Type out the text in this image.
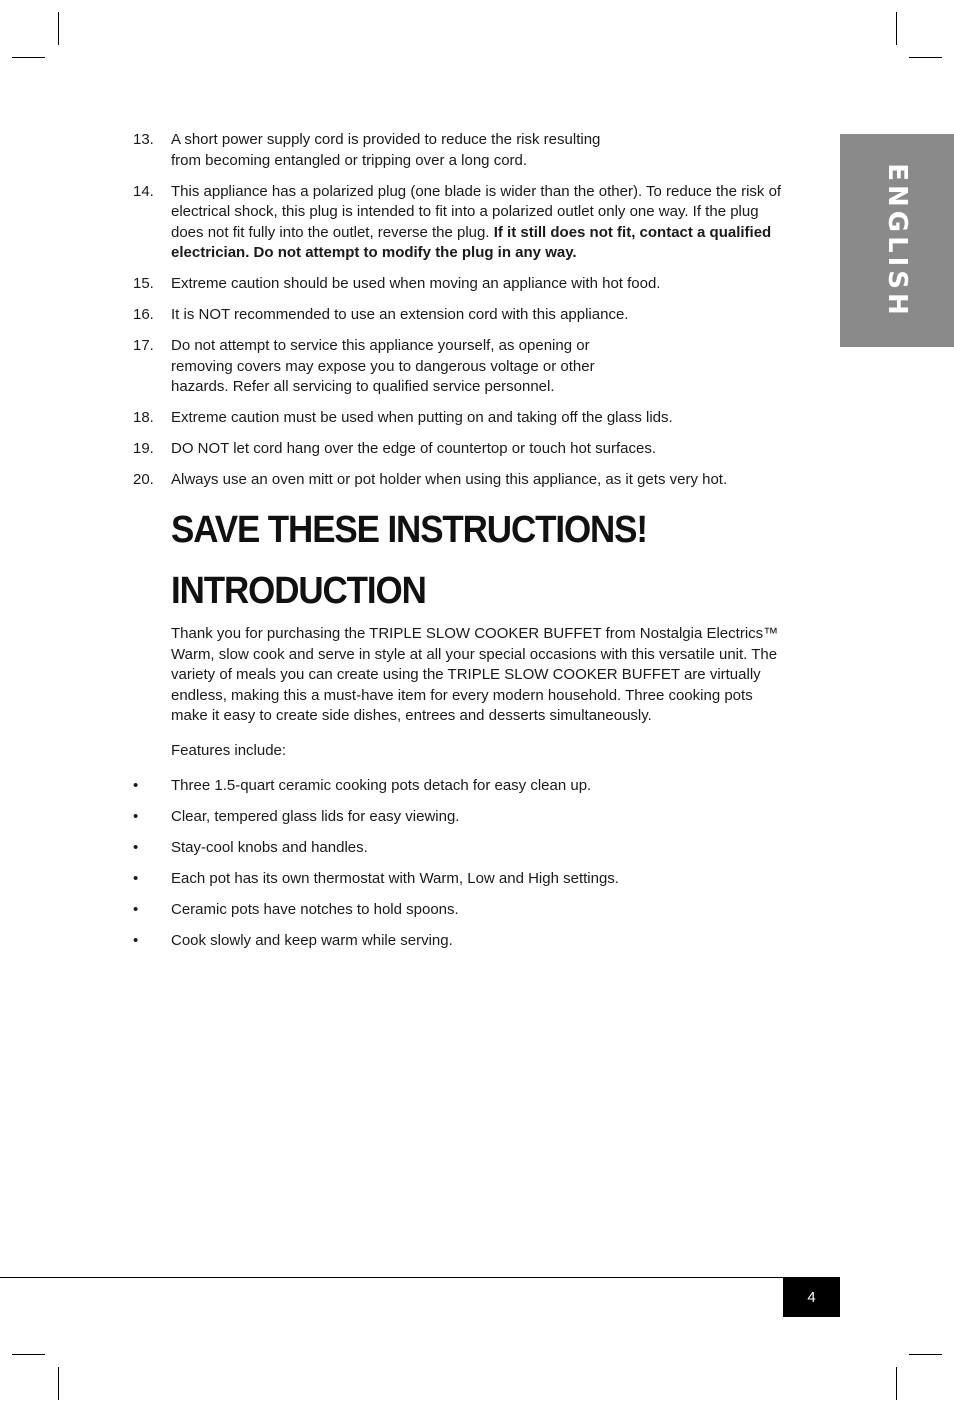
ENGLISH
13.	A short power supply cord is provided to reduce the risk resulting
from becoming entangled or tripping over a long cord.
14.	This appliance has a polarized plug (one blade is wider than the other). To reduce the risk of electrical shock, this plug is intended to fit into a polarized outlet only one way. If the plug does not fit fully into the outlet, reverse the plug. If it still does not fit, contact a qualified electrician. Do not attempt to modify the plug in any way.
15.	Extreme caution should be used when moving an appliance with hot food.
16.	It is NOT recommended to use an extension cord with this appliance.
17.	Do not attempt to service this appliance yourself, as opening or
removing covers may expose you to dangerous voltage or other
hazards. Refer all servicing to qualified service personnel.
18.	Extreme caution must be used when putting on and taking off the glass lids.
19.	DO NOT let cord hang over the edge of countertop or touch hot surfaces.
20.	Always use an oven mitt or pot holder when using this appliance, as it gets very hot.
SAVE THESE INSTRUCTIONS!
INTRODUCTION

Thank you for purchasing the TRIPLE SLOW COOKER BUFFET from Nostalgia Electrics™ Warm, slow cook and serve in style at all your special occasions with this versatile unit. The variety of meals you can create using the TRIPLE SLOW COOKER BUFFET are virtually endless, making this a must-have item for every modern household. Three cooking pots make it easy to create side dishes, entrees and desserts simultaneously.

Features include:
•	Three 1.5-quart ceramic cooking pots detach for easy clean up.
•	Clear, tempered glass lids for easy viewing.
•	Stay-cool knobs and handles.
•	Each pot has its own thermostat with Warm, Low and High settings.
•	Ceramic pots have notches to hold spoons.
•	Cook slowly and keep warm while serving.
4
